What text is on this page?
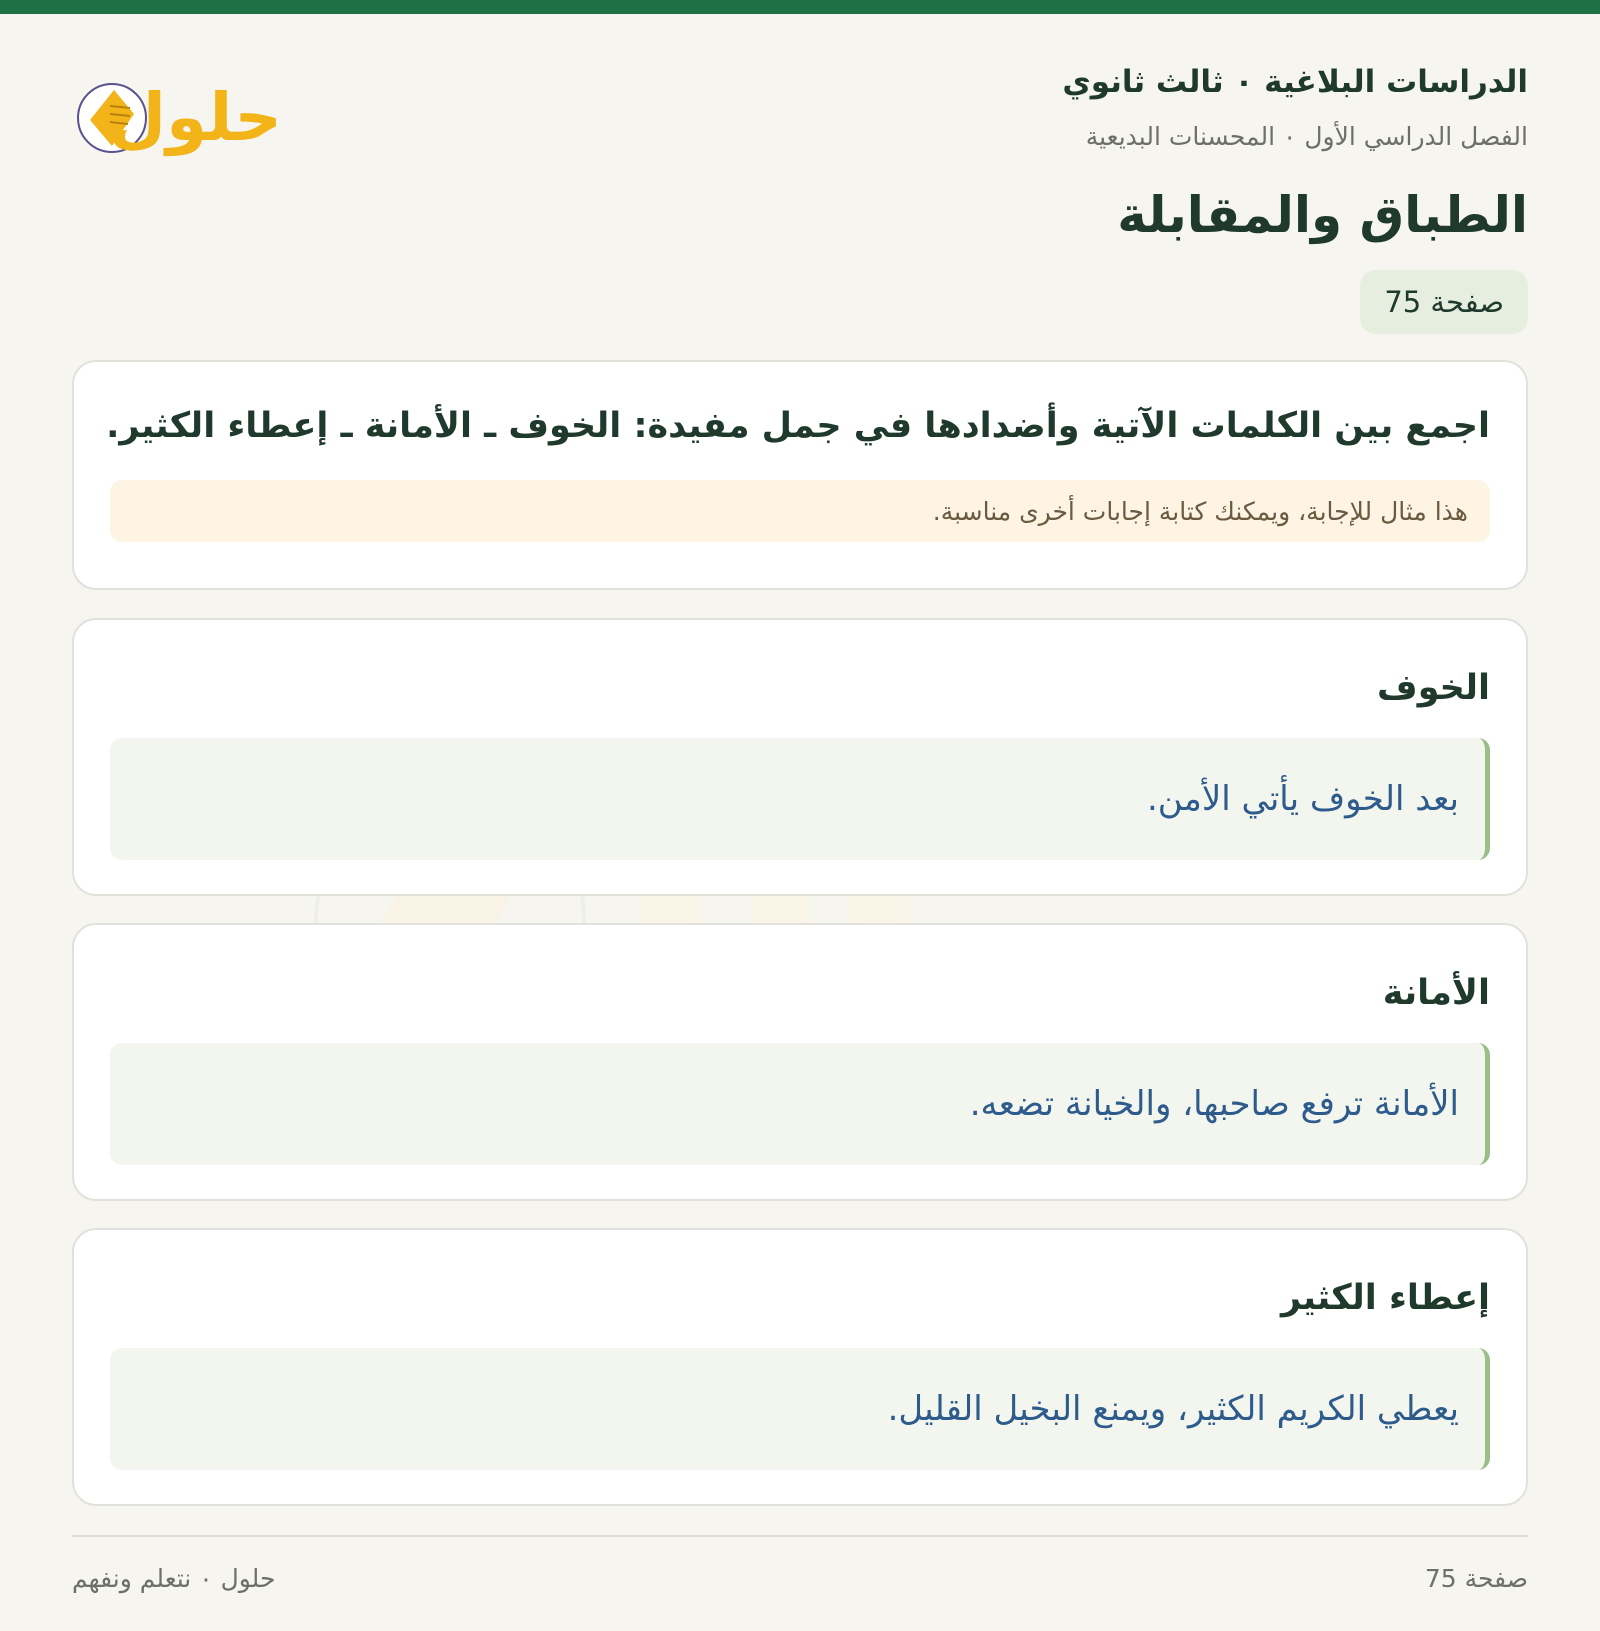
الدراسات البلاغية ٠ ثالث ثانوي
الفصل الدراسي الأول ٠ المحسنات البديعية
الطباق والمقابلة
صفحة 75
حلول
اجمع بين الكلمات الآتية وأضدادها في جمل مفيدة: الخوف ـ الأمانة ـ إعطاء الكثير.
هذا مثال للإجابة، ويمكنك كتابة إجابات أخرى مناسبة.
الخوف
بعد الخوف يأتي الأمن.
الأمانة
الأمانة ترفع صاحبها، والخيانة تضعه.
إعطاء الكثير
يعطي الكريم الكثير، ويمنع البخيل القليل.
صفحة 75
حلول ٠ نتعلم ونفهم
